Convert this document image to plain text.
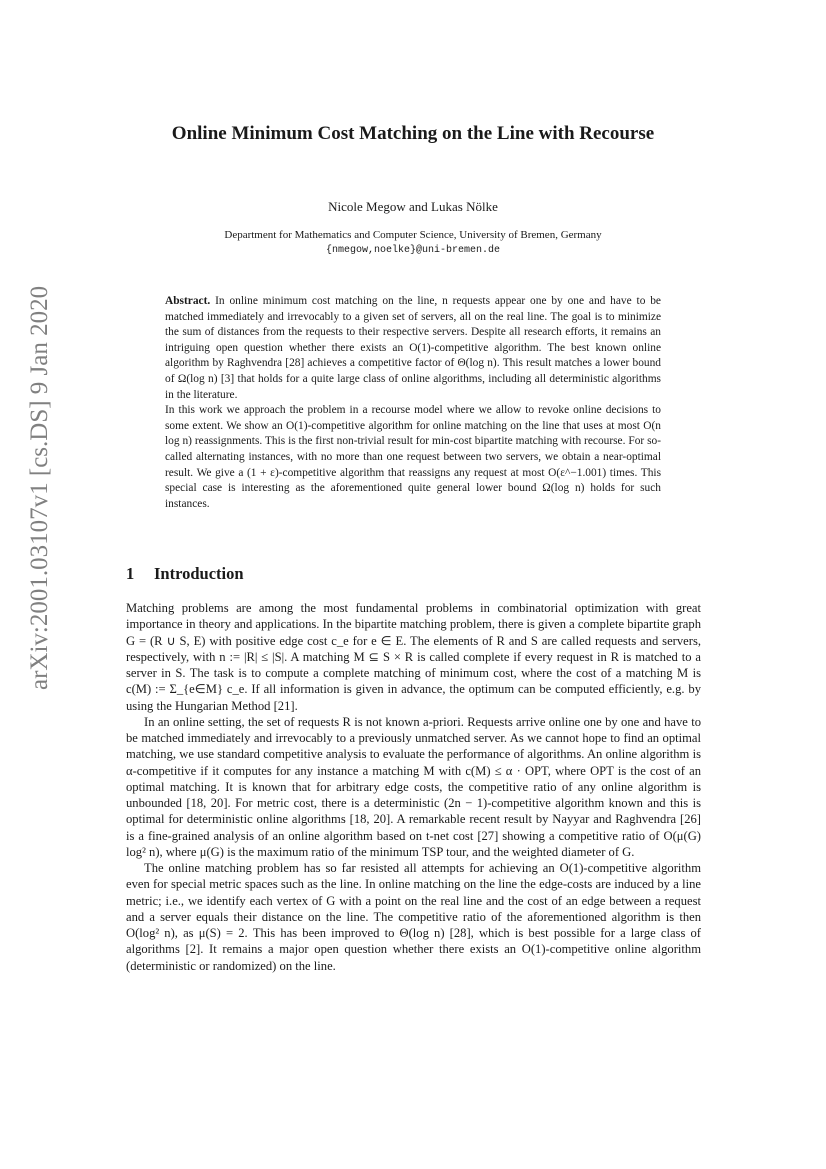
arXiv:2001.03107v1 [cs.DS] 9 Jan 2020
Online Minimum Cost Matching on the Line with Recourse
Nicole Megow and Lukas Nölke
Department for Mathematics and Computer Science, University of Bremen, Germany
{nmegow,noelke}@uni-bremen.de

Abstract. In online minimum cost matching on the line, n requests appear one by one and have to be matched immediately and irrevocably to a given set of servers, all on the real line. The goal is to minimize the sum of distances from the requests to their respective servers. Despite all research efforts, it remains an intriguing open question whether there exists an O(1)-competitive algorithm. The best known online algorithm by Raghvendra [28] achieves a competitive factor of Θ(log n). This result matches a lower bound of Ω(log n) [3] that holds for a quite large class of online algorithms, including all deterministic algorithms in the literature.

In this work we approach the problem in a recourse model where we allow to revoke online decisions to some extent. We show an O(1)-competitive algorithm for online matching on the line that uses at most O(n log n) reassignments. This is the first non-trivial result for min-cost bipartite matching with recourse. For so-called alternating instances, with no more than one request between two servers, we obtain a near-optimal result. We give a (1 + ε)-competitive algorithm that reassigns any request at most O(ε^−1.001) times. This special case is interesting as the aforementioned quite general lower bound Ω(log n) holds for such instances.

1 Introduction

Matching problems are among the most fundamental problems in combinatorial optimization with great importance in theory and applications. In the bipartite matching problem, there is given a complete bipartite graph G = (R ∪ S, E) with positive edge cost c_e for e ∈ E. The elements of R and S are called requests and servers, respectively, with n := |R| ≤ |S|. A matching M ⊆ S × R is called complete if every request in R is matched to a server in S. The task is to compute a complete matching of minimum cost, where the cost of a matching M is c(M) := Σ_{e∈M} c_e. If all information is given in advance, the optimum can be computed efficiently, e.g. by using the Hungarian Method [21].

In an online setting, the set of requests R is not known a-priori. Requests arrive online one by one and have to be matched immediately and irrevocably to a previously unmatched server. As we cannot hope to find an optimal matching, we use standard competitive analysis to evaluate the performance of algorithms. An online algorithm is α-competitive if it computes for any instance a matching M with c(M) ≤ α · OPT, where OPT is the cost of an optimal matching. It is known that for arbitrary edge costs, the competitive ratio of any online algorithm is unbounded [18, 20]. For metric cost, there is a deterministic (2n − 1)-competitive algorithm known and this is optimal for deterministic online algorithms [18, 20]. A remarkable recent result by Nayyar and Raghvendra [26] is a fine-grained analysis of an online algorithm based on t-net cost [27] showing a competitive ratio of O(μ(G) log² n), where μ(G) is the maximum ratio of the minimum TSP tour, and the weighted diameter of G.

The online matching problem has so far resisted all attempts for achieving an O(1)-competitive algorithm even for special metric spaces such as the line. In online matching on the line the edge-costs are induced by a line metric; i.e., we identify each vertex of G with a point on the real line and the cost of an edge between a request and a server equals their distance on the line. The competitive ratio of the aforementioned algorithm is then O(log² n), as μ(S) = 2. This has been improved to Θ(log n) [28], which is best possible for a large class of algorithms [2]. It remains a major open question whether there exists an O(1)-competitive online algorithm (deterministic or randomized) on the line.
